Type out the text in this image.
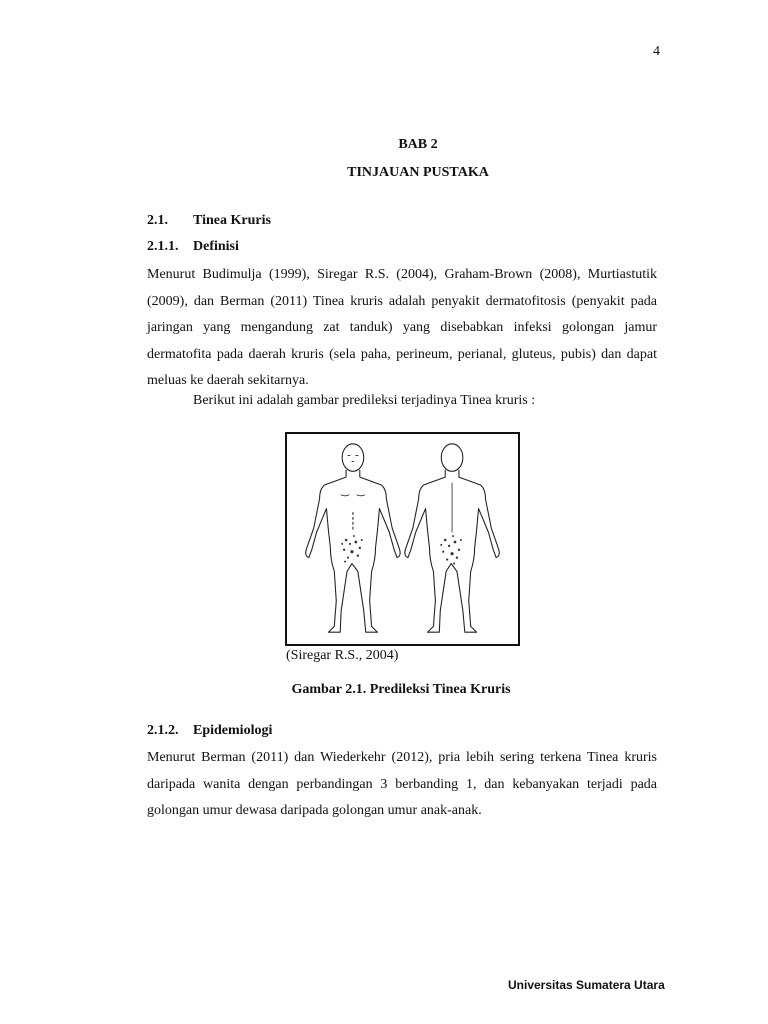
4
BAB 2
TINJAUAN PUSTAKA
2.1. Tinea Kruris
2.1.1. Definisi
Menurut Budimulja (1999), Siregar R.S. (2004), Graham-Brown (2008), Murtiastutik (2009), dan Berman (2011) Tinea kruris adalah penyakit dermatofitosis (penyakit pada jaringan yang mengandung zat tanduk) yang disebabkan infeksi golongan jamur dermatofita pada daerah kruris (sela paha, perineum, perianal, gluteus, pubis) dan dapat meluas ke daerah sekitarnya.
Berikut ini adalah gambar predileksi terjadinya Tinea kruris :
(Siregar R.S., 2004)
Gambar 2.1. Predileksi Tinea Kruris
2.1.2. Epidemiologi
Menurut Berman (2011) dan Wiederkehr (2012), pria lebih sering terkena Tinea kruris daripada wanita dengan perbandingan 3 berbanding 1, dan kebanyakan terjadi pada golongan umur dewasa daripada golongan umur anak-anak.
Universitas Sumatera Utara
